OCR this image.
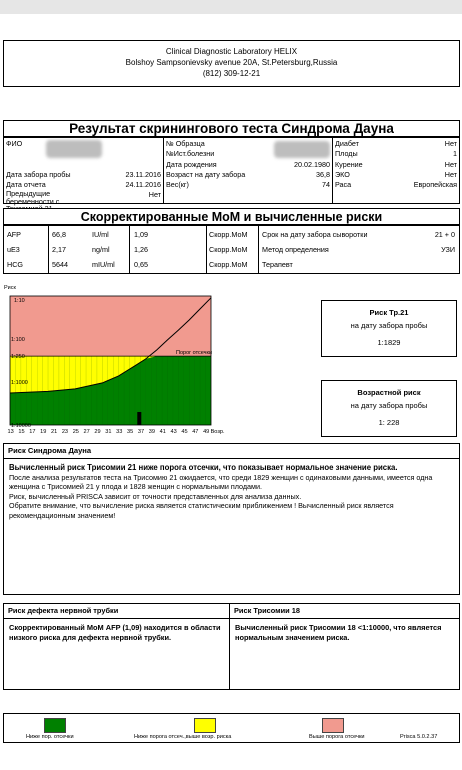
Clinical Diagnostic Laboratory HELIX
Bolshoy Sampsonievsky avenue 20A, St.Petersburg,Russia
(812) 309-12-21
Результат скринингового теста Синдрома Дауна
ФИО
Дата забора пробы	23.11.2016
Дата отчета	24.11.2016
Предыдущие беременности с
Нет
№ Образца
№Ист.болезни
Дата рождения	20.02.1980
Возраст на дату забора	36,8
Вес(кг)	74
Диабет	Нет
Плоды	1
Курение	Нет
ЭКО	Нет
Раса	Европейская
Скорректированные МоМ и вычисленные риски
AFP	66,8	IU/ml	1,09	Скорр.МоМ
uE3	2,17	ng/ml	1,26	Скорр.МоМ
HCG	5644	mIU/ml	0,65	Скорр.МоМ
Срок на дату забора сыворотки	21 + 0
Метод определения	УЗИ
Терапевт
Порог отсечки
Риск
1:10
1:100
1:250
1:1000
1:10000
13 15 17 19 21 23 25 27 29 31 33 35 37 39 41 43 45 47 49 Возр.
Риск Тр.21
на дату забора пробы
1:1829
Возрастной риск
на дату забора пробы
1: 228
Риск Синдрома Дауна
Вычисленный риск Трисомии 21 ниже порога отсечки, что показывает нормальное значение риска.
После анализа результатов теста на Трисомию 21 ожидается, что среди 1829 женщин с одинаковыми данными, имеется одна женщина с Трисомией 21 у плода и 1828 женщин с нормальными плодами.
Риск, вычисленный PRISCA зависит от точности представленных для анализа данных.
Обратите внимание, что вычисление риска является статистическим приближением ! Вычисленный риск является рекомендационным значением!
Риск дефекта нервной трубки
Скорректированный МоМ AFP (1,09) находится в области низкого риска для дефекта нервной трубки.
Риск Трисомии 18
Вычисленный риск Трисомии 18 <1:10000, что является нормальным значением риска.
Ниже пор. отсечки	Ниже порога отсеч.,выше возр. риска	Выше порога отсечки	Prisca 5.0.2.37
